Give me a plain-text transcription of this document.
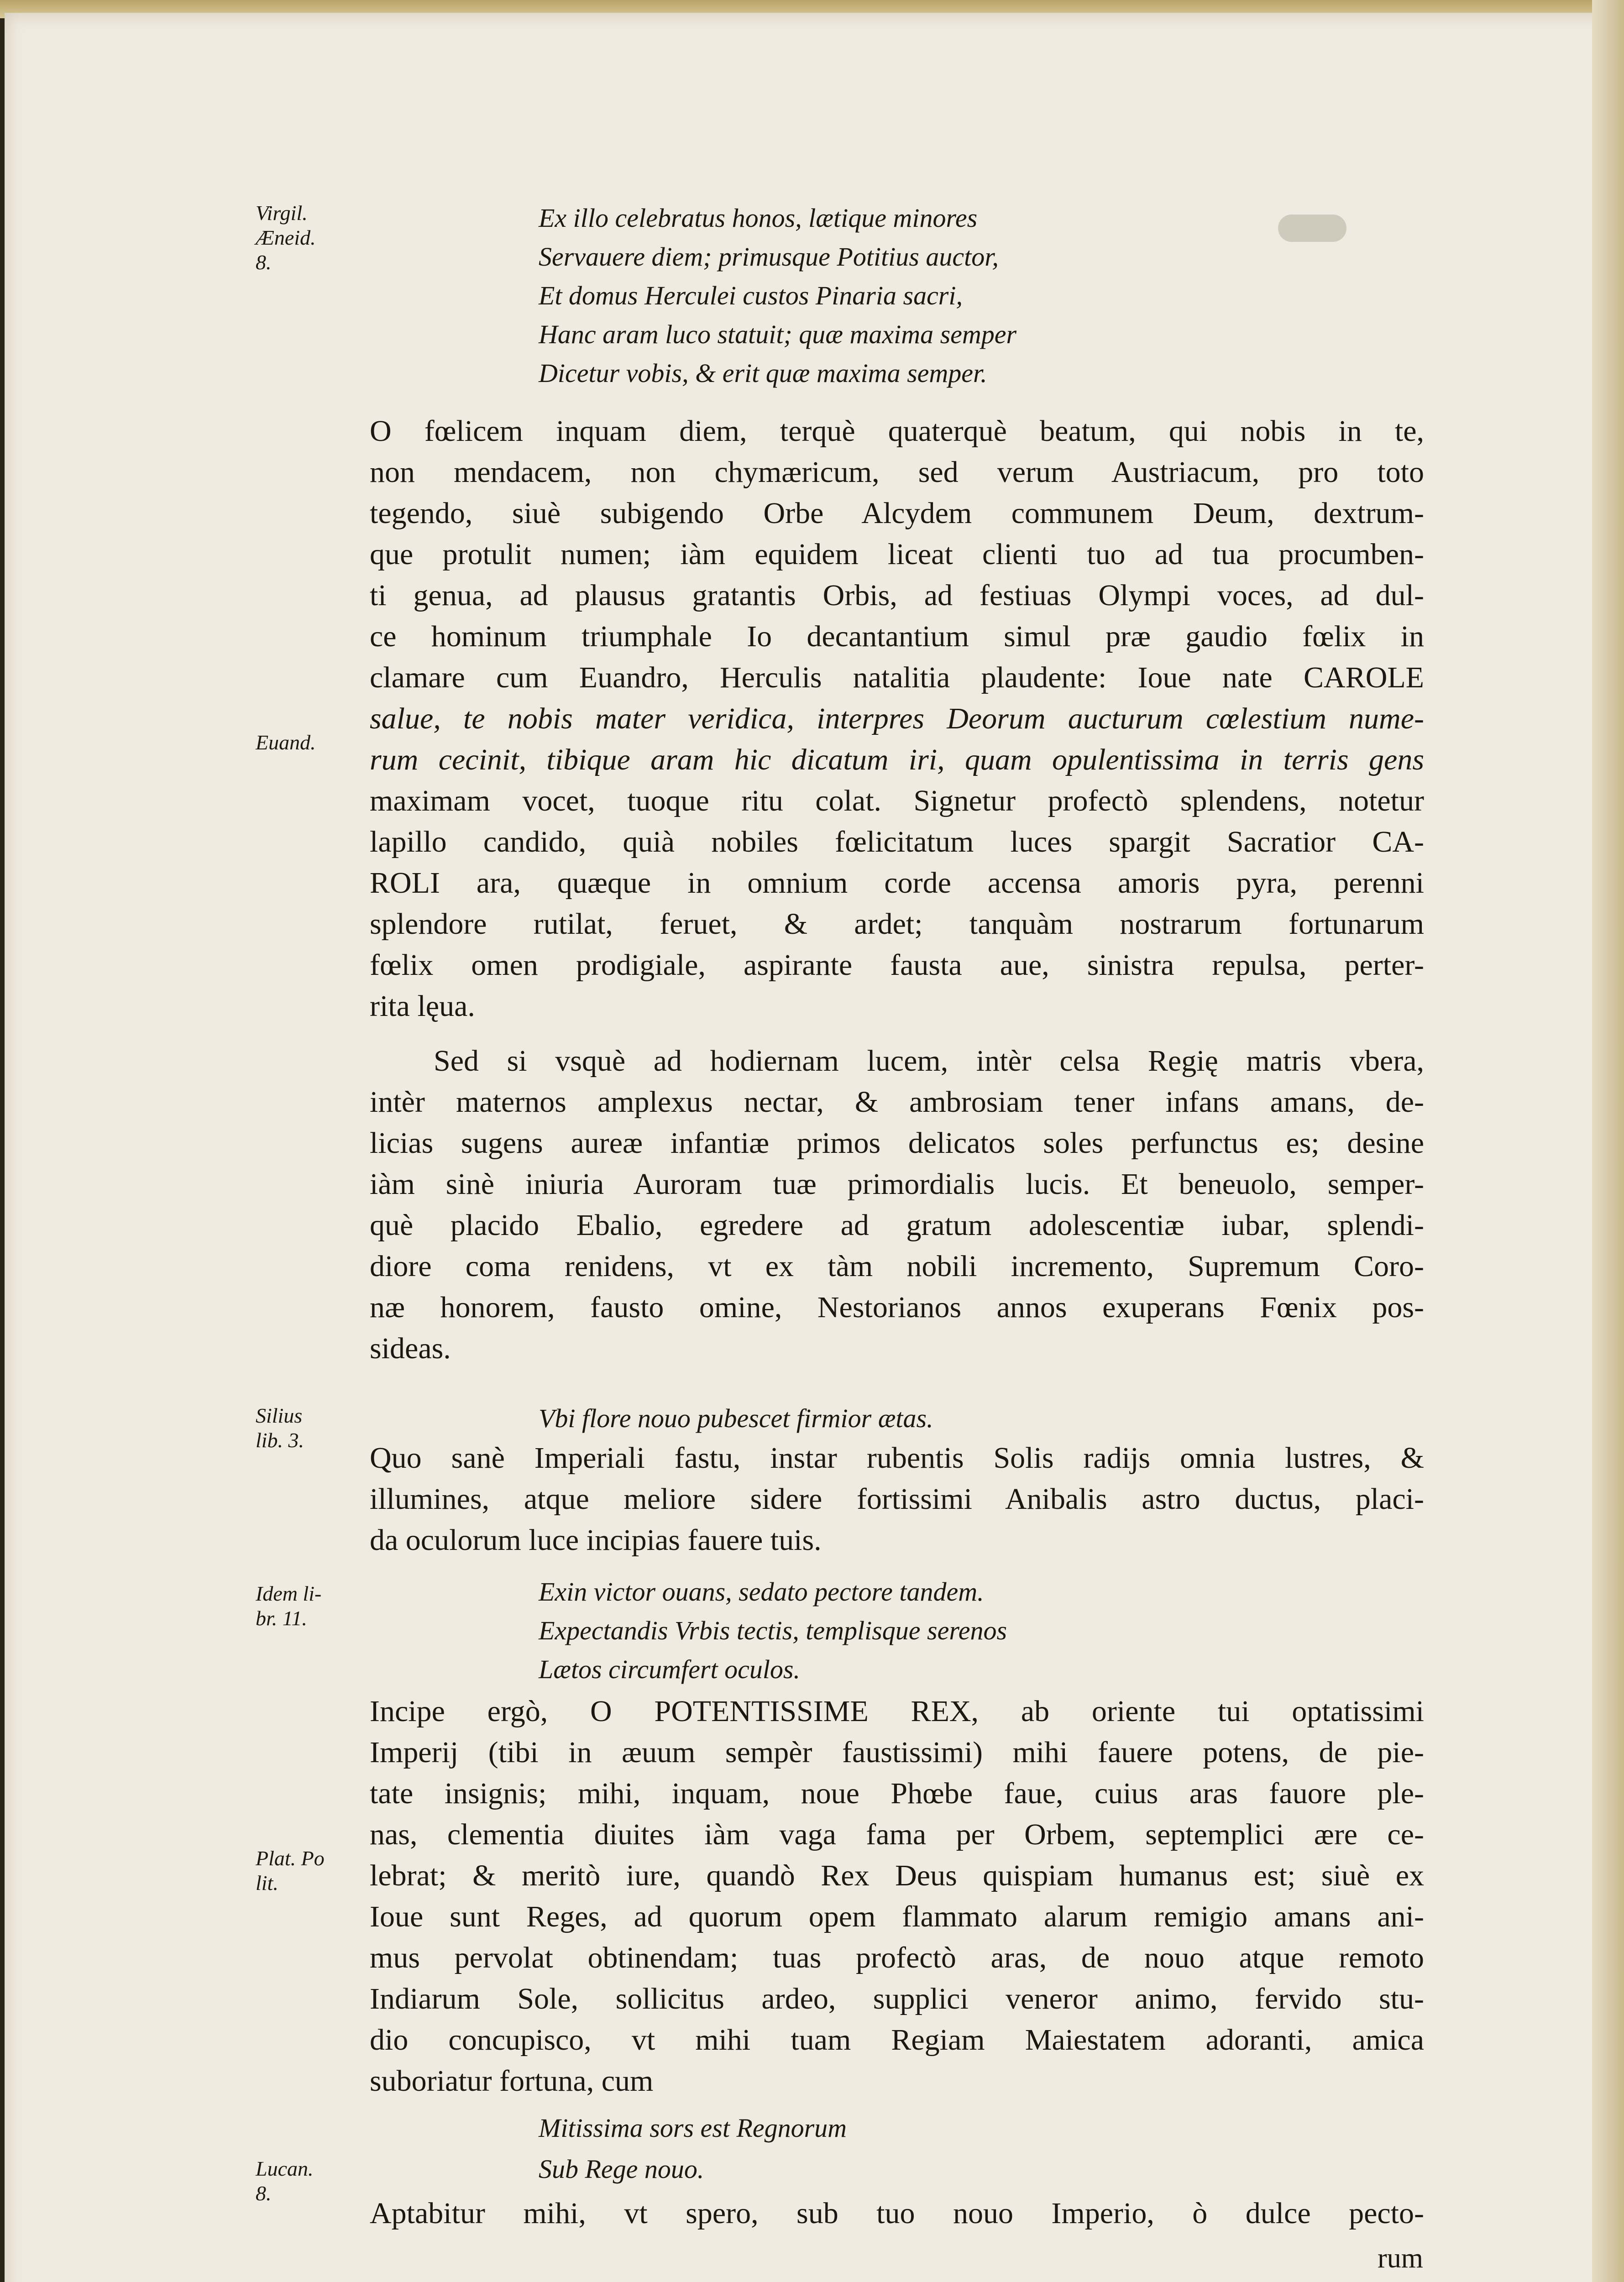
Virgil.
Æneid.
8.
Euand.
Silius
lib. 3.
Idem li-
br. 11.
Plat. Po
lit.
Lucan.
8.
Ex illo celebratus honos, lætique minores
Servauere diem; primusque Potitius auctor,
Et domus Herculei custos Pinaria sacri,
Hanc aram luco statuit; quæ maxima semper
Dicetur vobis, & erit quæ maxima semper.
O fœlicem inquam diem, terquè quaterquè beatum, qui nobis in te,
non mendacem, non chymæricum, sed verum Austriacum, pro toto
tegendo, siuè subigendo Orbe Alcydem communem Deum, dextrum-
que protulit numen; iàm equidem liceat clienti tuo ad tua procumben-
ti genua, ad plausus gratantis Orbis, ad festiuas Olympi voces, ad dul-
ce hominum triumphale Io decantantium simul præ gaudio fœlix in
clamare cum Euandro, Herculis natalitia plaudente: Ioue nate CAROLE
salue, te nobis mater veridica, interpres Deorum aucturum cœlestium nume-
rum cecinit, tibique aram hic dicatum iri, quam opulentissima in terris gens
maximam vocet, tuoque ritu colat. Signetur profectò splendens, notetur
lapillo candido, quià nobiles fœlicitatum luces spargit Sacratior CA-
ROLI ara, quæque in omnium corde accensa amoris pyra, perenni
splendore rutilat, feruet, & ardet; tanquàm nostrarum fortunarum
fœlix omen prodigiale, aspirante fausta aue, sinistra repulsa, perter-
rita lęua.
Sed si vsquè ad hodiernam lucem, intèr celsa Regię matris vbera,
intèr maternos amplexus nectar, & ambrosiam tener infans amans, de-
licias sugens aureæ infantiæ primos delicatos soles perfunctus es; desine
iàm sinè iniuria Auroram tuæ primordialis lucis. Et beneuolo, semper-
què placido Ebalio, egredere ad gratum adolescentiæ iubar, splendi-
diore coma renidens, vt ex tàm nobili incremento, Supremum Coro-
næ honorem, fausto omine, Nestorianos annos exuperans Fœnix pos-
sideas.
Vbi flore nouo pubescet firmior ætas.
Quo sanè Imperiali fastu, instar rubentis Solis radijs omnia lustres, &
illumines, atque meliore sidere fortissimi Anibalis astro ductus, placi-
da oculorum luce incipias fauere tuis.
Exin victor ouans, sedato pectore tandem.
Expectandis Vrbis tectis, templisque serenos
Lætos circumfert oculos.
Incipe ergò, O POTENTISSIME REX, ab oriente tui optatissimi
Imperij (tibi in æuum sempèr faustissimi) mihi fauere potens, de pie-
tate insignis; mihi, inquam, noue Phœbe faue, cuius aras fauore ple-
nas, clementia diuites iàm vaga fama per Orbem, septemplici ære ce-
lebrat; & meritò iure, quandò Rex Deus quispiam humanus est; siuè ex
Ioue sunt Reges, ad quorum opem flammato alarum remigio amans ani-
mus pervolat obtinendam; tuas profectò aras, de nouo atque remoto
Indiarum Sole, sollicitus ardeo, supplici veneror animo, fervido stu-
dio concupisco, vt mihi tuam Regiam Maiestatem adoranti, amica
suboriatur fortuna, cum
Mitissima sors est Regnorum
Sub Rege nouo.
Aptabitur mihi, vt spero, sub tuo nouo Imperio, ò dulce pecto-
rum
